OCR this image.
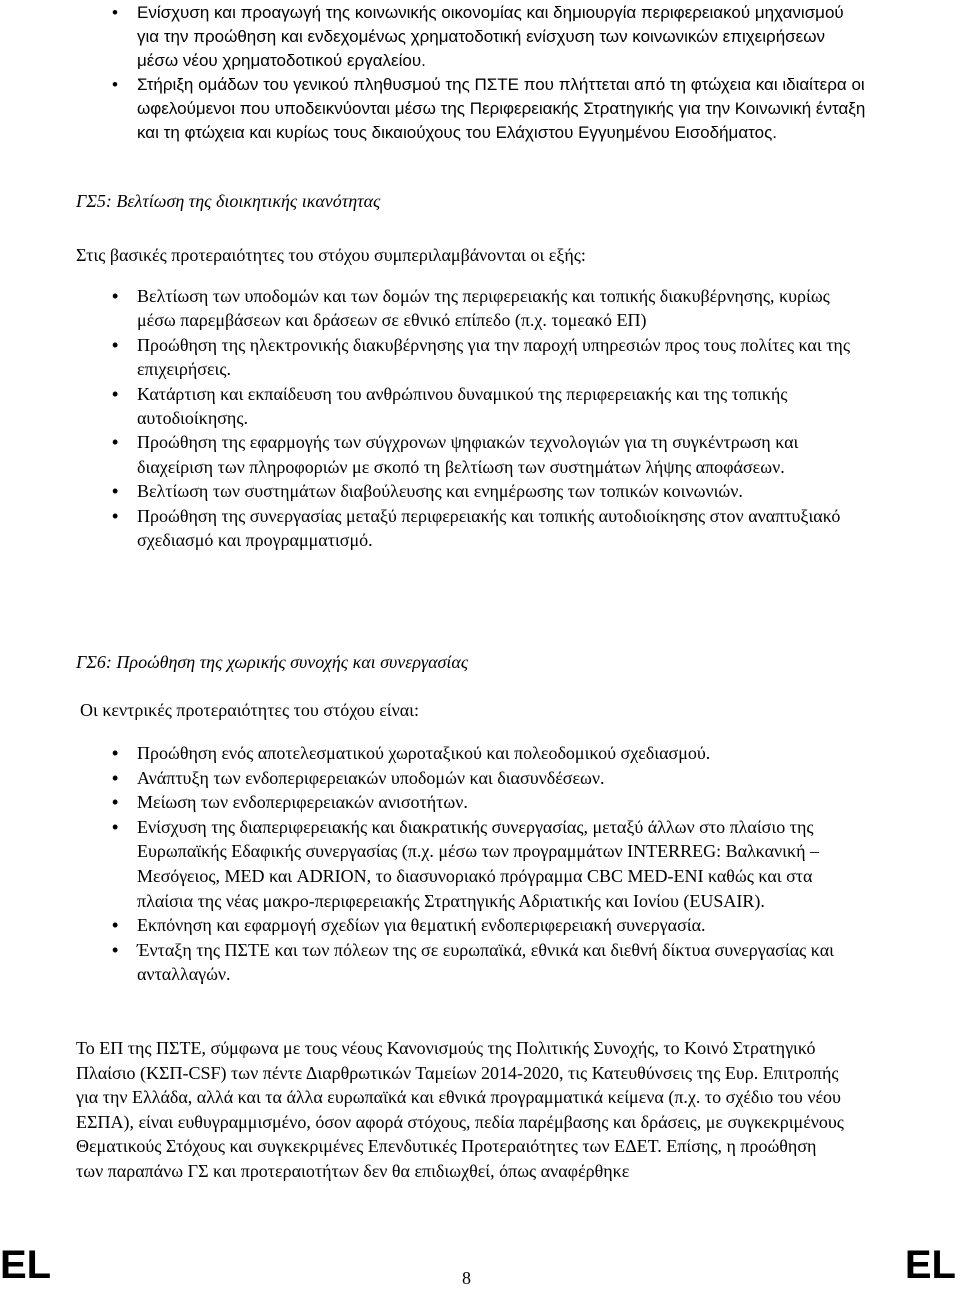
• Ενίσχυση και προαγωγή της κοινωνικής οικονομίας και δημιουργία περιφερειακού μηχανισμού για την προώθηση και ενδεχομένως χρηματοδοτική ενίσχυση των κοινωνικών επιχειρήσεων μέσω νέου χρηματοδοτικού εργαλείου.
• Στήριξη ομάδων του γενικού πληθυσμού της ΠΣΤΕ που πλήττεται από τη φτώχεια και ιδιαίτερα οι ωφελούμενοι που υποδεικνύονται μέσω της Περιφερειακής Στρατηγικής για την Κοινωνική ένταξη και τη φτώχεια και κυρίως τους δικαιούχους του Ελάχιστου Εγγυημένου Εισοδήματος.
ΓΣ5: Βελτίωση της διοικητικής ικανότητας
Στις βασικές προτεραιότητες του στόχου συμπεριλαμβάνονται οι εξής:
• Βελτίωση των υποδομών και των δομών της περιφερειακής και τοπικής διακυβέρνησης, κυρίως μέσω παρεμβάσεων και δράσεων σε εθνικό επίπεδο (π.χ. τομεακό ΕΠ)
• Προώθηση της ηλεκτρονικής διακυβέρνησης για την παροχή υπηρεσιών προς τους πολίτες και της επιχειρήσεις.
• Κατάρτιση και εκπαίδευση του ανθρώπινου δυναμικού της περιφερειακής και της τοπικής αυτοδιοίκησης.
• Προώθηση της εφαρμογής των σύγχρονων ψηφιακών τεχνολογιών για τη συγκέντρωση και διαχείριση των πληροφοριών με σκοπό τη βελτίωση των συστημάτων λήψης αποφάσεων.
• Βελτίωση των συστημάτων διαβούλευσης και ενημέρωσης των τοπικών κοινωνιών.
• Προώθηση της συνεργασίας μεταξύ περιφερειακής και τοπικής αυτοδιοίκησης στον αναπτυξιακό σχεδιασμό και προγραμματισμό.
ΓΣ6: Προώθηση της χωρικής συνοχής και συνεργασίας
Οι κεντρικές προτεραιότητες του στόχου είναι:
• Προώθηση ενός αποτελεσματικού χωροταξικού και πολεοδομικού σχεδιασμού.
• Ανάπτυξη των ενδοπεριφερειακών υποδομών και διασυνδέσεων.
• Μείωση των ενδοπεριφερειακών ανισοτήτων.
• Ενίσχυση της διαπεριφερειακής και διακρατικής συνεργασίας, μεταξύ άλλων στο πλαίσιο της Ευρωπαϊκής Εδαφικής συνεργασίας (π.χ. μέσω των προγραμμάτων INTERREG: Βαλκανική – Μεσόγειος, MED και ADRION, το διασυνοριακό πρόγραμμα CBC MED-ENI καθώς και στα πλαίσια της νέας μακρο-περιφερειακής Στρατηγικής Αδριατικής και Ιονίου (EUSAIR).
• Εκπόνηση και εφαρμογή σχεδίων για θεματική ενδοπεριφερειακή συνεργασία.
• Ένταξη της ΠΣΤΕ και των πόλεων της σε ευρωπαϊκά, εθνικά και διεθνή δίκτυα συνεργασίας και ανταλλαγών.
Το ΕΠ της ΠΣΤΕ, σύμφωνα με τους νέους Κανονισμούς της Πολιτικής Συνοχής, το Κοινό Στρατηγικό Πλαίσιο (ΚΣΠ-CSF) των πέντε Διαρθρωτικών Ταμείων 2014-2020, τις Κατευθύνσεις της Ευρ. Επιτροπής για την Ελλάδα, αλλά και τα άλλα ευρωπαϊκά και εθνικά προγραμματικά κείμενα (π.χ. το σχέδιο του νέου ΕΣΠΑ), είναι ευθυγραμμισμένο, όσον αφορά στόχους, πεδία παρέμβασης και δράσεις, με συγκεκριμένους Θεματικούς Στόχους και συγκεκριμένες Επενδυτικές Προτεραιότητες των ΕΔΕΤ. Επίσης, η προώθηση των παραπάνω ΓΣ και προτεραιοτήτων δεν θα επιδιωχθεί, όπως αναφέρθηκε
EL	8	EL
